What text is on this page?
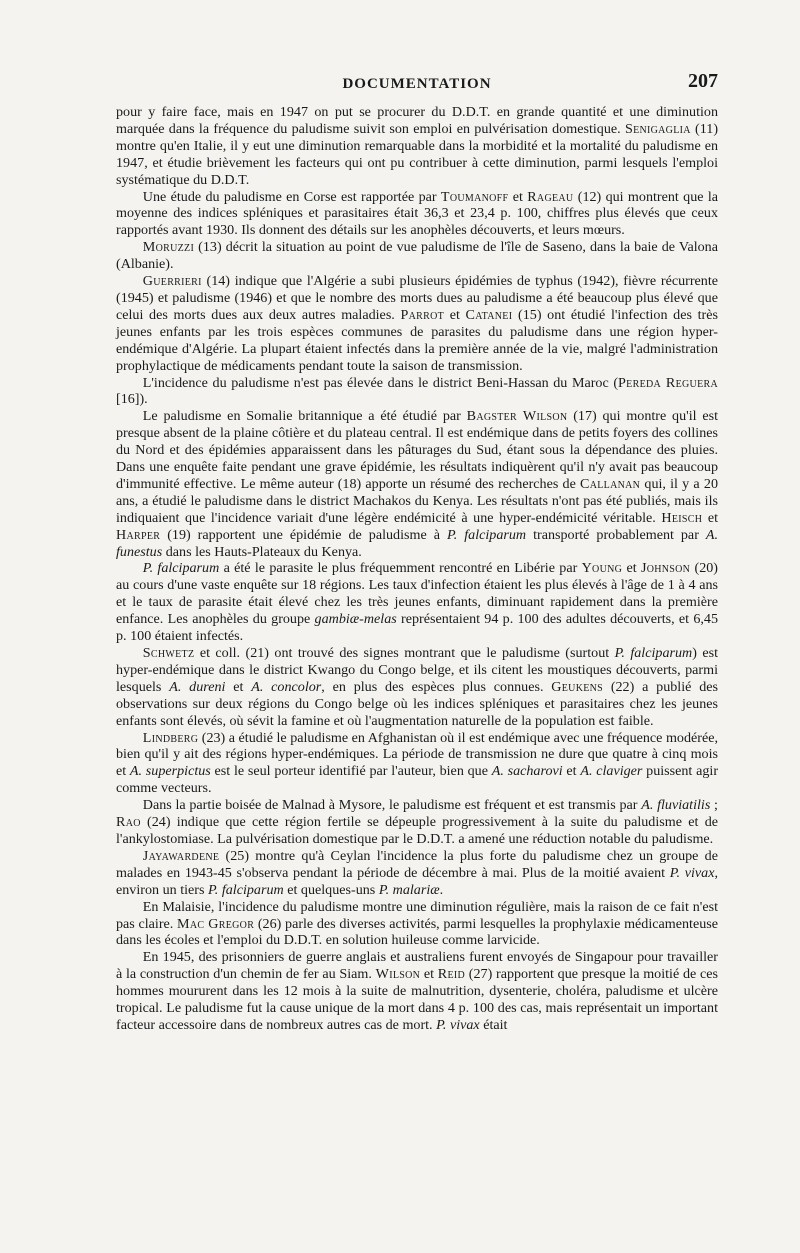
DOCUMENTATION	207

pour y faire face, mais en 1947 on put se procurer du D.D.T. en grande quantité et une diminution marquée dans la fréquence du paludisme suivit son emploi en pulvérisation domestique. Senigaglia (11) montre qu'en Italie, il y eut une diminution remarquable dans la morbidité et la mortalité du paludisme en 1947, et étudie brièvement les facteurs qui ont pu contribuer à cette diminution, parmi lesquels l'emploi systématique du D.D.T.

Une étude du paludisme en Corse est rapportée par Toumanoff et Rageau (12) qui montrent que la moyenne des indices spléniques et parasitaires était 36,3 et 23,4 p. 100, chiffres plus élevés que ceux rapportés avant 1930. Ils donnent des détails sur les anophèles découverts, et leurs mœurs.

Moruzzi (13) décrit la situation au point de vue paludisme de l'île de Saseno, dans la baie de Valona (Albanie).

Guerrieri (14) indique que l'Algérie a subi plusieurs épidémies de typhus (1942), fièvre récurrente (1945) et paludisme (1946) et que le nombre des morts dues au paludisme a été beaucoup plus élevé que celui des morts dues aux deux autres maladies. Parrot et Catanei (15) ont étudié l'infection des très jeunes enfants par les trois espèces communes de parasites du paludisme dans une région hyper-endémique d'Algérie. La plupart étaient infectés dans la première année de la vie, malgré l'administration prophylactique de médicaments pendant toute la saison de transmission.

L'incidence du paludisme n'est pas élevée dans le district Beni-Hassan du Maroc (Pereda Reguera [16]).

Le paludisme en Somalie britannique a été étudié par Bagster Wilson (17) qui montre qu'il est presque absent de la plaine côtière et du plateau central. Il est endémique dans de petits foyers des collines du Nord et des épidémies apparaissent dans les pâturages du Sud, étant sous la dépendance des pluies. Dans une enquête faite pendant une grave épidémie, les résultats indiquèrent qu'il n'y avait pas beaucoup d'immunité effective. Le même auteur (18) apporte un résumé des recherches de Callanan qui, il y a 20 ans, a étudié le paludisme dans le district Machakos du Kenya. Les résultats n'ont pas été publiés, mais ils indiquaient que l'incidence variait d'une légère endémicité à une hyper-endémicité véritable. Heisch et Harper (19) rapportent une épidémie de paludisme à P. falciparum transporté probablement par A. funestus dans les Hauts-Plateaux du Kenya.

P. falciparum a été le parasite le plus fréquemment rencontré en Libérie par Young et Johnson (20) au cours d'une vaste enquête sur 18 régions. Les taux d'infection étaient les plus élevés à l'âge de 1 à 4 ans et le taux de parasite était élevé chez les très jeunes enfants, diminuant rapidement dans la première enfance. Les anophèles du groupe gambiæ-melas représentaient 94 p. 100 des adultes découverts, et 6,45 p. 100 étaient infectés.

Schwetz et coll. (21) ont trouvé des signes montrant que le paludisme (surtout P. falciparum) est hyper-endémique dans le district Kwango du Congo belge, et ils citent les moustiques découverts, parmi lesquels A. dureni et A. concolor, en plus des espèces plus connues. Geukens (22) a publié des observations sur deux régions du Congo belge où les indices spléniques et parasitaires chez les jeunes enfants sont élevés, où sévit la famine et où l'augmentation naturelle de la population est faible.

Lindberg (23) a étudié le paludisme en Afghanistan où il est endémique avec une fréquence modérée, bien qu'il y ait des régions hyper-endémiques. La période de transmission ne dure que quatre à cinq mois et A. superpictus est le seul porteur identifié par l'auteur, bien que A. sacharovi et A. claviger puissent agir comme vecteurs.

Dans la partie boisée de Malnad à Mysore, le paludisme est fréquent et est transmis par A. fluviatilis ; Rao (24) indique que cette région fertile se dépeuple progressivement à la suite du paludisme et de l'ankylostomiase. La pulvérisation domestique par le D.D.T. a amené une réduction notable du paludisme.

Jayawardene (25) montre qu'à Ceylan l'incidence la plus forte du paludisme chez un groupe de malades en 1943-45 s'observa pendant la période de décembre à mai. Plus de la moitié avaient P. vivax, environ un tiers P. falciparum et quelques-uns P. malariæ.

En Malaisie, l'incidence du paludisme montre une diminution régulière, mais la raison de ce fait n'est pas claire. Mac Gregor (26) parle des diverses activités, parmi lesquelles la prophylaxie médicamenteuse dans les écoles et l'emploi du D.D.T. en solution huileuse comme larvicide.

En 1945, des prisonniers de guerre anglais et australiens furent envoyés de Singapour pour travailler à la construction d'un chemin de fer au Siam. Wilson et Reid (27) rapportent que presque la moitié de ces hommes moururent dans les 12 mois à la suite de malnutrition, dysenterie, choléra, paludisme et ulcère tropical. Le paludisme fut la cause unique de la mort dans 4 p. 100 des cas, mais représentait un important facteur accessoire dans de nombreux autres cas de mort. P. vivax était
